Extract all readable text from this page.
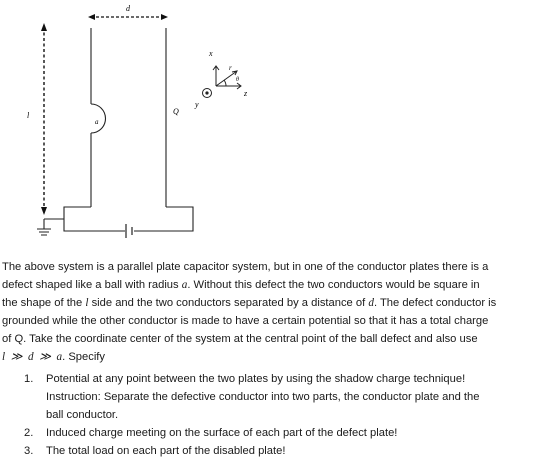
d
l
a
Q
x
r
θ
z
y
The above system is a parallel plate capacitor system, but in one of the conductor plates there is a
defect shaped like a ball with radius a. Without this defect the two conductors would be square in
the shape of the l side and the two conductors separated by a distance of d. The defect conductor is
grounded while the other conductor is made to have a certain potential so that it has a total charge
of Q. Take the coordinate center of the system at the central point of the ball defect and also use
l  ≫  d  ≫  a. Specify
1. Potential at any point between the two plates by using the shadow charge technique!
Instruction: Separate the defective conductor into two parts, the conductor plate and the
ball conductor.
2. Induced charge meeting on the surface of each part of the defect plate!
3. The total load on each part of the disabled plate!
